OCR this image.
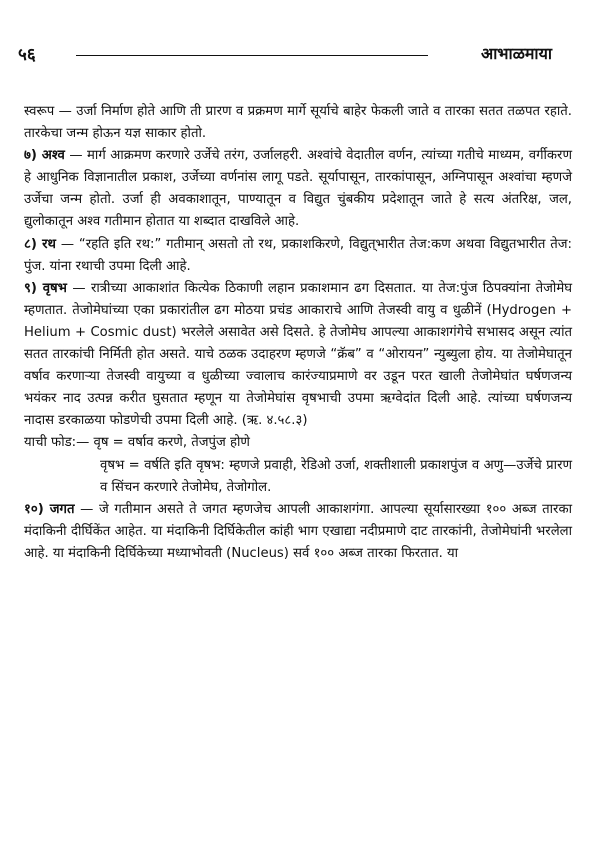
५६	आभाळमाया

स्वरूप — उर्जा निर्माण होते आणि ती प्रारण व प्रक्रमण मार्गे सूर्याचे बाहेर फेकली जाते व तारका सतत तळपत रहाते. तारकेचा जन्म होऊन यज्ञ साकार होतो.

७) अश्व — मार्ग आक्रमण करणारे उर्जेचे तरंग, उर्जालहरी. अश्वांचे वेदातील वर्णन, त्यांच्या गतीचे माध्यम, वर्गीकरण हे आधुनिक विज्ञानातील प्रकाश, उर्जेच्या वर्णनांस लागू पडते. सूर्यापासून, तारकांपासून, अग्निपासून अश्वांचा म्हणजे उर्जेचा जन्म होतो. उर्जा ही अवकाशातून, पाण्यातून व विद्युत चुंबकीय प्रदेशातून जाते हे सत्य अंतरिक्ष, जल, द्युलोकातून अश्व गतीमान होतात या शब्दात दाखविले आहे.

८) रथ — “रहति इति रथ:” गतीमान् असतो तो रथ, प्रकाशकिरणे, विद्युत्‌भारीत तेज:कण अथवा विद्युतभारीत तेज: पुंज. यांना रथाची उपमा दिली आहे.

९) वृषभ — रात्रीच्या आकाशांत कित्येक ठिकाणी लहान प्रकाशमान ढग दिसतात. या तेज:पुंज ठिपक्यांना तेजोमेघ म्हणतात. तेजोमेघांच्या एका प्रकारांतील ढग मोठया प्रचंड आकाराचे आणि तेजस्वी वायु व धुळीनें (Hydrogen + Helium + Cosmic dust) भरलेले असावेत असे दिसते. हे तेजोमेघ आपल्या आकाशगंगेचे सभासद असून त्यांत सतत तारकांची निर्मिती होत असते. याचे ठळक उदाहरण म्हणजे “क्रॅब” व “ओरायन” न्युब्युला होय. या तेजोमेघातून वर्षाव करणाऱ्या तेजस्वी वायुच्या व धुळीच्या ज्वालाच कारंज्याप्रमाणे वर उडून परत खाली तेजोमेघांत घर्षणजन्य भयंकर नाद उत्पन्न करीत घुसतात म्हणून या तेजोमेघांस वृषभाची उपमा ऋग्वेदांत दिली आहे. त्यांच्या घर्षणजन्य नादास डरकाळया फोडणेची उपमा दिली आहे. (ऋ. ४.५८.३)

याची फोड:— वृष = वर्षाव करणे, तेजपुंज होणे

वृषभ = वर्षति इति वृषभ: म्हणजे प्रवाही, रेडिओ उर्जा, शक्तीशाली प्रकाशपुंज व अणु—उर्जेचे प्रारण व सिंचन करणारे तेजोमेघ, तेजोगोल.

१०) जगत — जे गतीमान असते ते जगत म्हणजेच आपली आकाशगंगा. आपल्या सूर्यासारख्या १०० अब्ज तारका मंदाकिनी दीर्घिकेंत आहेत. या मंदाकिनी दिर्घिकेतील कांही भाग एखाद्या नदीप्रमाणे दाट तारकांनी, तेजोमेघांनी भरलेला आहे. या मंदाकिनी दिर्घिकेच्या मध्याभोवती (Nucleus) सर्व १०० अब्ज तारका फिरतात. या
